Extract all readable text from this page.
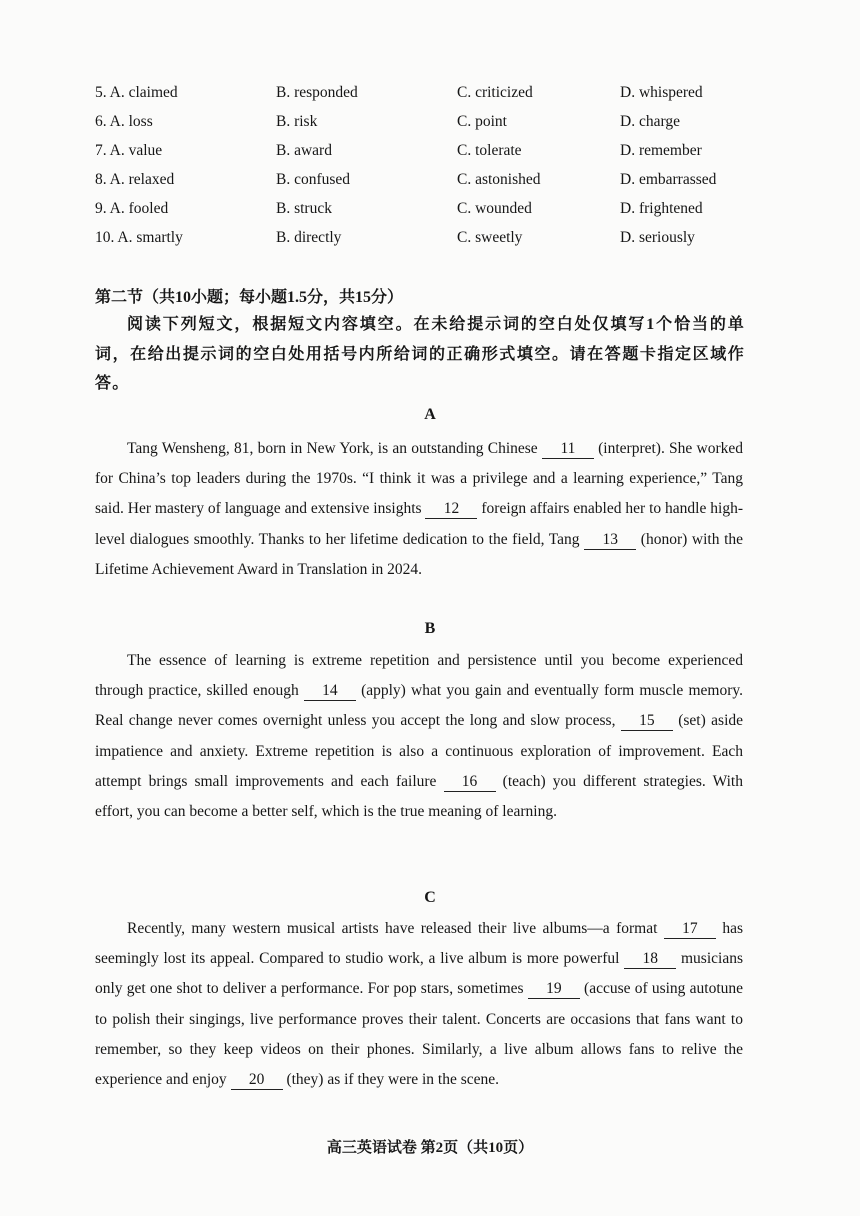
5. A. claimed	B. responded	C. criticized	D. whispered
6. A. loss	B. risk	C. point	D. charge
7. A. value	B. award	C. tolerate	D. remember
8. A. relaxed	B. confused	C. astonished	D. embarrassed
9. A. fooled	B. struck	C. wounded	D. frightened
10. A. smartly	B. directly	C. sweetly	D. seriously
第二节（共10小题；每小题1.5分，共15分）
阅读下列短文，根据短文内容填空。在未给提示词的空白处仅填写1个恰当的单词，在给出提示词的空白处用括号内所给词的正确形式填空。请在答题卡指定区域作答。
A
Tang Wensheng, 81, born in New York, is an outstanding Chinese 11 (interpret). She worked for China’s top leaders during the 1970s. “I think it was a privilege and a learning experience,” Tang said. Her mastery of language and extensive insights 12 foreign affairs enabled her to handle high-level dialogues smoothly. Thanks to her lifetime dedication to the field, Tang 13 (honor) with the Lifetime Achievement Award in Translation in 2024.
B
The essence of learning is extreme repetition and persistence until you become experienced through practice, skilled enough 14 (apply) what you gain and eventually form muscle memory. Real change never comes overnight unless you accept the long and slow process, 15 (set) aside impatience and anxiety. Extreme repetition is also a continuous exploration of improvement. Each attempt brings small improvements and each failure 16 (teach) you different strategies. With effort, you can become a better self, which is the true meaning of learning.
C
Recently, many western musical artists have released their live albums—a format 17 has seemingly lost its appeal. Compared to studio work, a live album is more powerful 18 musicians only get one shot to deliver a performance. For pop stars, sometimes 19 (accuse of using autotune to polish their singings, live performance proves their talent. Concerts are occasions that fans want to remember, so they keep videos on their phones. Similarly, a live album allows fans to relive the experience and enjoy 20 (they) as if they were in the scene.
高三英语试卷 第2页（共10页）
